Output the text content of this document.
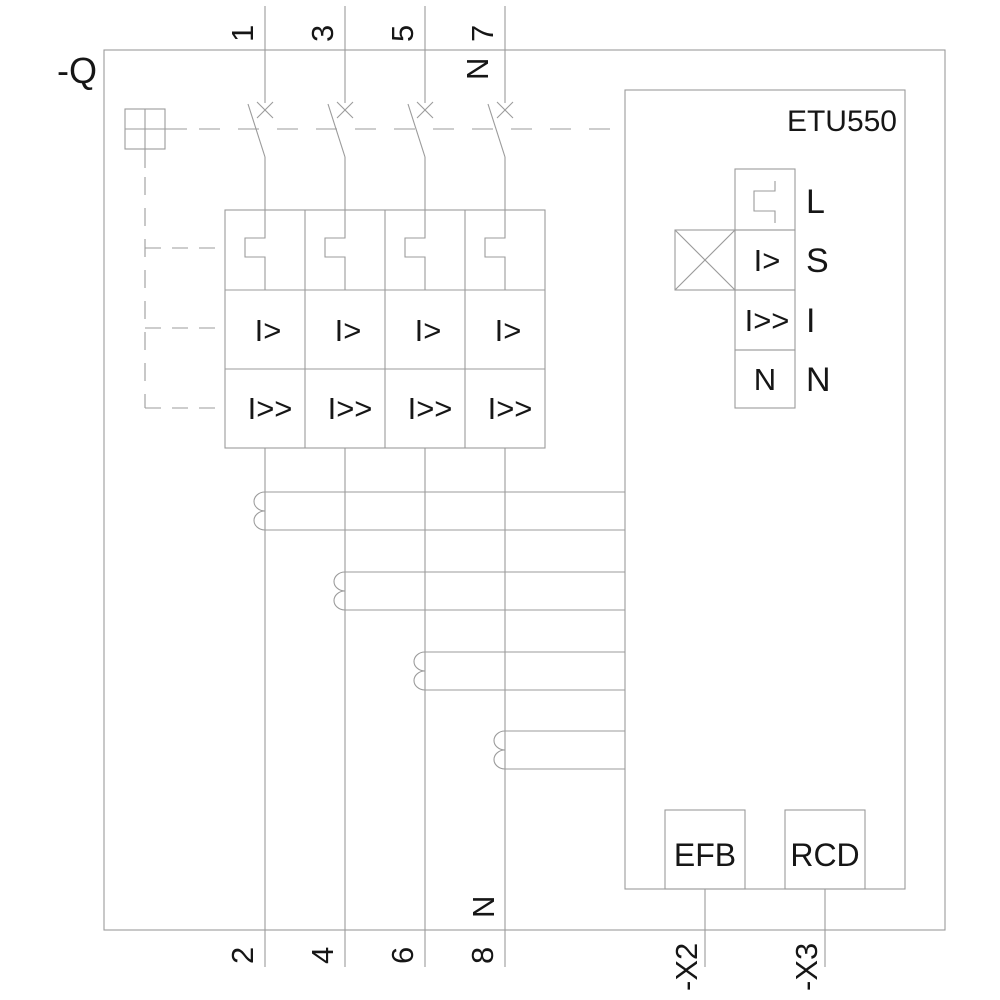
-Q
I> I> I> I>
I>> I>> I>> I>>
ETU550
I>
I>>
N
L
S
I
N
EFB RCD
-X2	-X3
1 3 5 7
N
2 4 6 8
N
